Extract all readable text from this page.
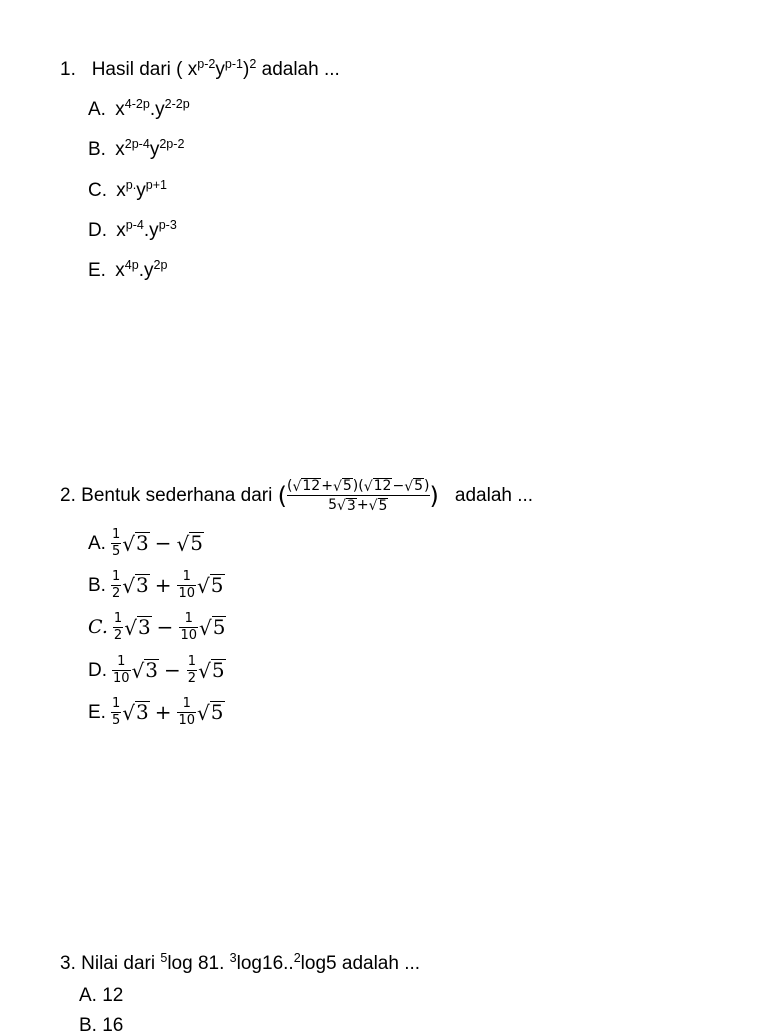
1. Hasil dari ( $x^{p-2}y^{p-1})^2$ adalah ...
A. $x^{4-2p}.y^{2-2p}$
B. $x^{2p-4}y^{2p-2}$
C. $x^{p.}y^{p+1}$
D. $x^{p-4}.y^{p-3}$
E. $x^{4p}.y^{2p}$
2.
Bentuk sederhana dari
( ( √ 12 + √ 5 )( √ 12 − √ 5 )
5 √ 3 + √ 5 ) adalah ...
A. $\frac{1}{5}$ √ 3 − √ 5
B. $\frac{1}{2}$ √ $3 + \frac{1}{10}$ √ 5
C. $\frac{1}{2}$ √ $3 - \frac{1}{10}$ √ 5
D. $\frac{1}{10}$ √ $3 - \frac{1}{2}$ √ 5
E. $\frac{1}{5}$ √ $3 + \frac{1}{10}$ √ 5
3. Nilai dari $^5$log 81. $^3$log16..$^2$log5 adalah ...
A. 12
B. 16
